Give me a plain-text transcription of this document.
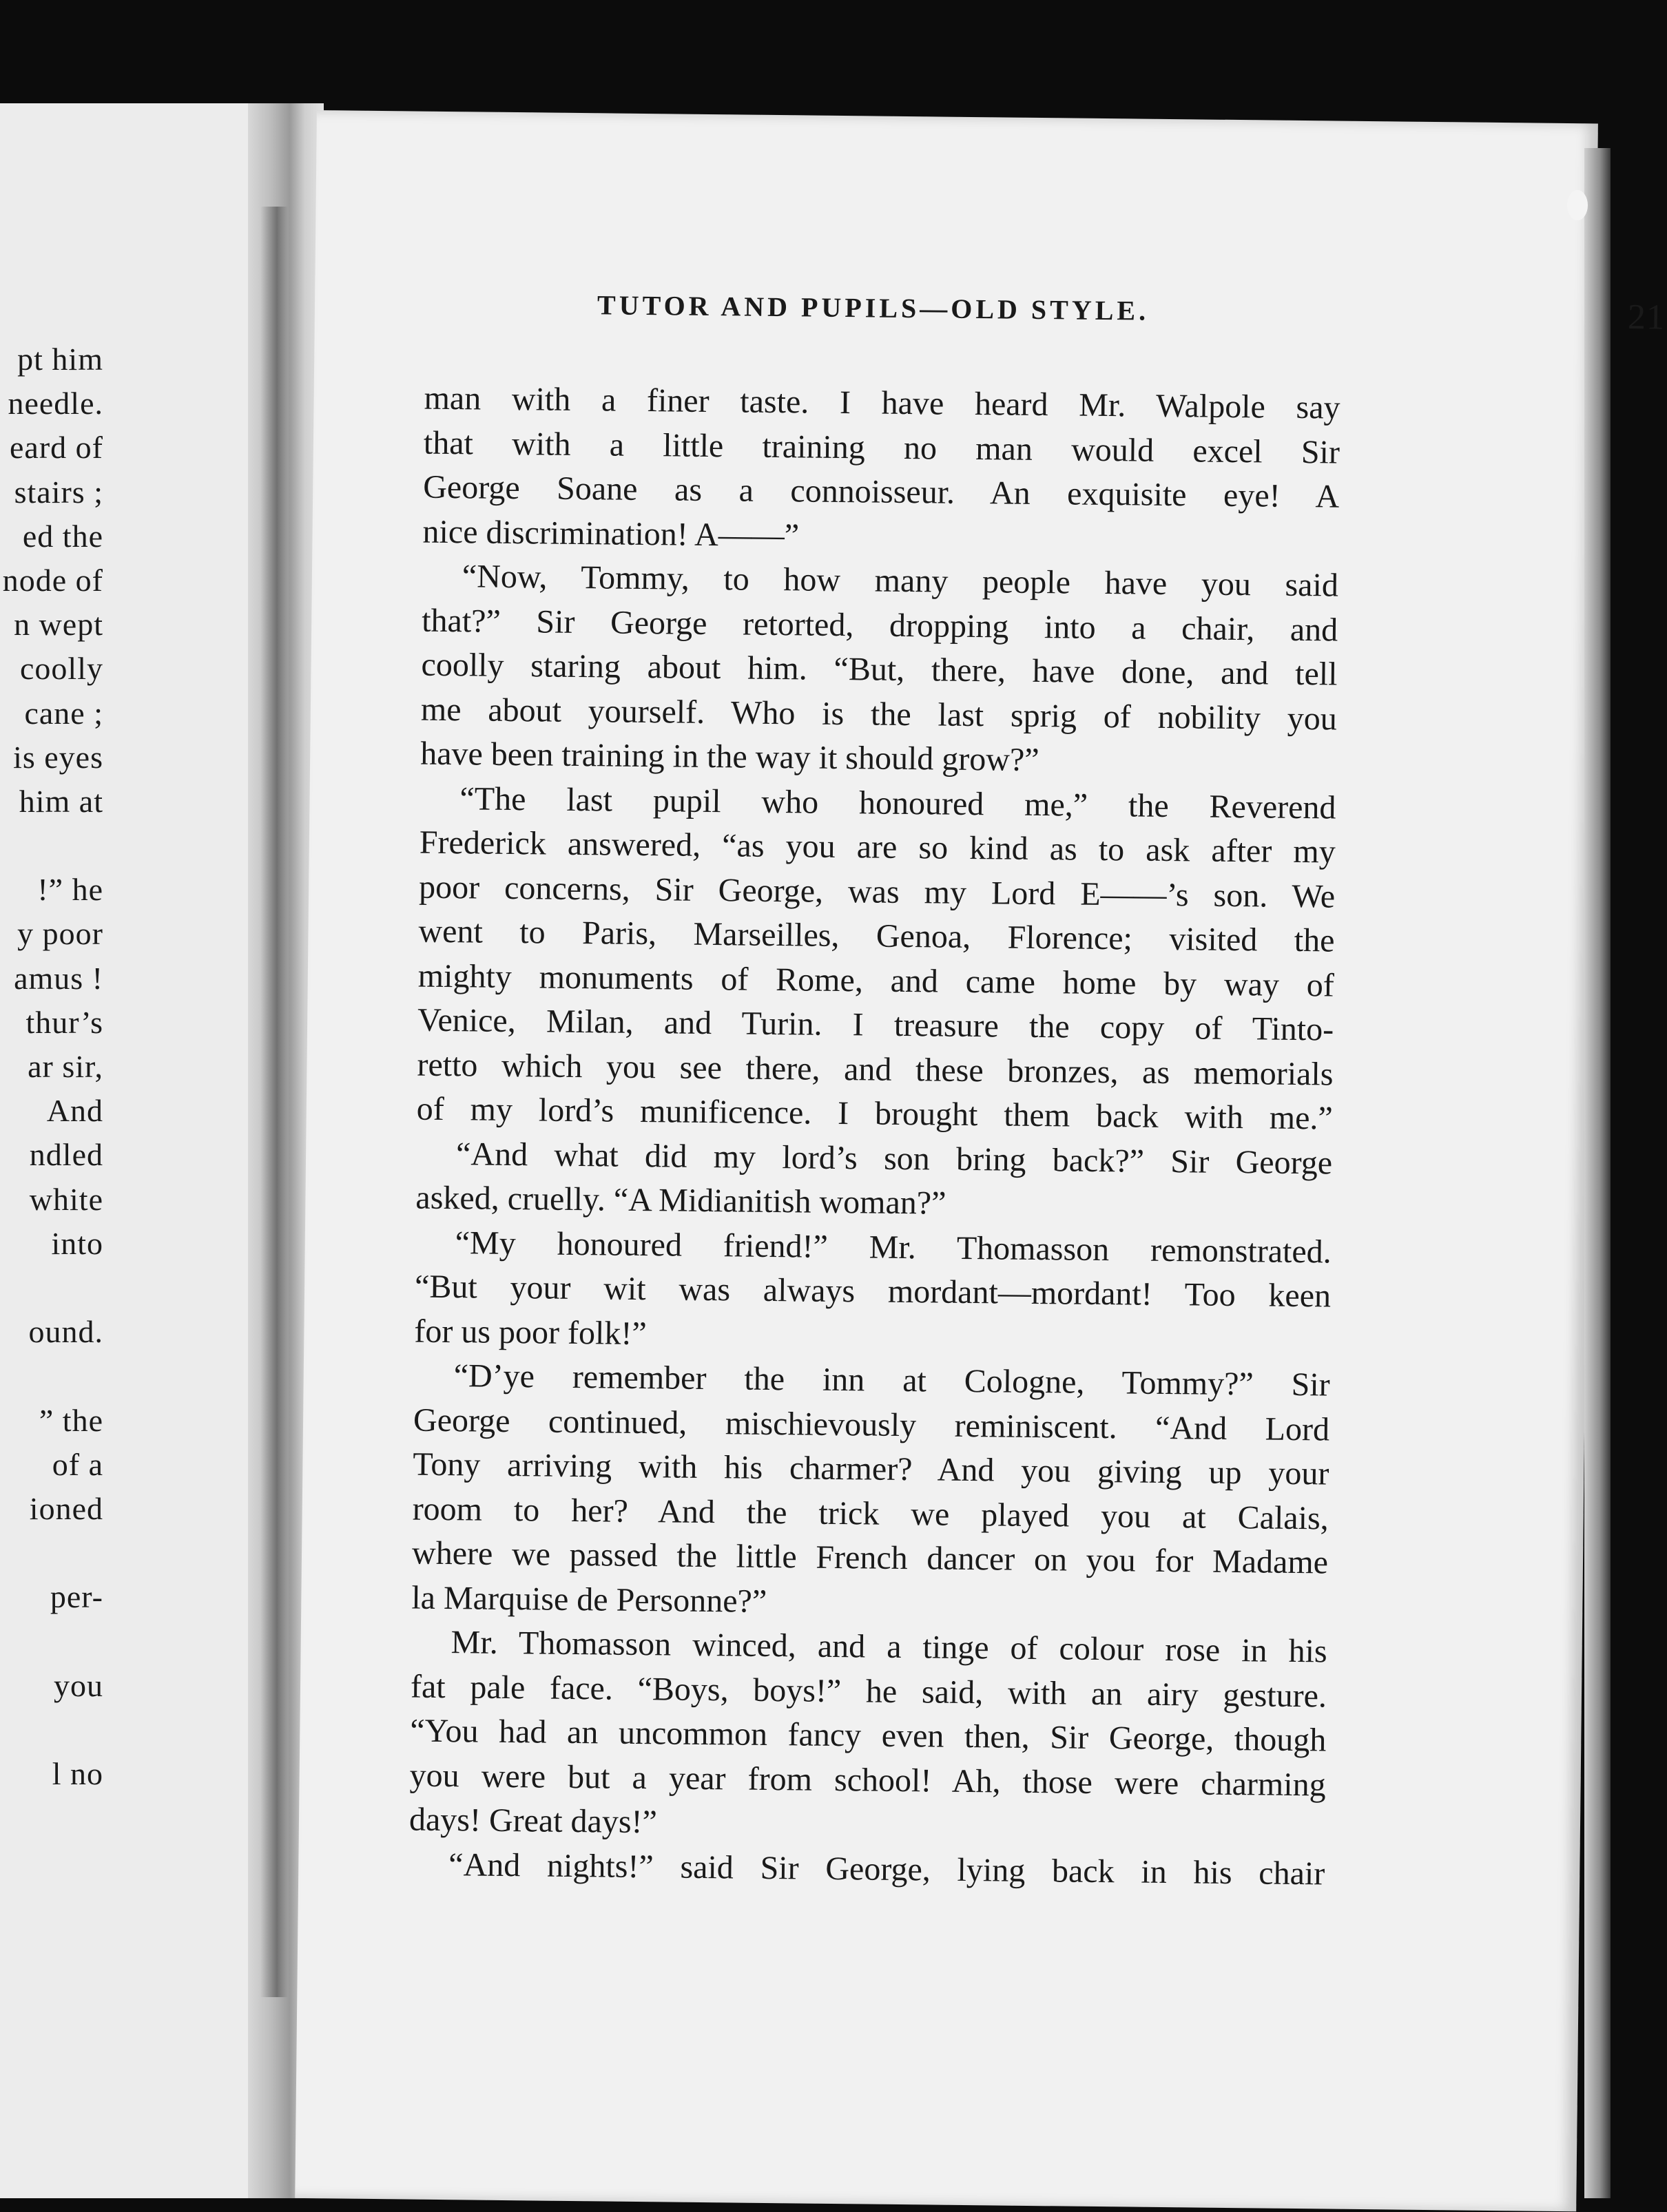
pt him
needle.
eard of
stairs ;
ed the
node of
n wept
coolly
cane ;
is eyes
him at
!” he
y poor
amus !
thur’s
ar sir,
And
ndled
white
into
ound.
” the
of a
ioned
per-
you
l no
TUTOR AND PUPILS—OLD STYLE.	21
man with a finer taste. I have heard Mr. Walpole say
that with a little training no man would excel Sir
George Soane as a connoisseur. An exquisite eye! A
nice discrimination! A——”
“Now, Tommy, to how many people have you said
that?” Sir George retorted, dropping into a chair, and
coolly staring about him. “But, there, have done, and tell
me about yourself. Who is the last sprig of nobility you
have been training in the way it should grow?”
“The last pupil who honoured me,” the Reverend
Frederick answered, “as you are so kind as to ask after my
poor concerns, Sir George, was my Lord E——’s son. We
went to Paris, Marseilles, Genoa, Florence; visited the
mighty monuments of Rome, and came home by way of
Venice, Milan, and Turin. I treasure the copy of Tinto-
retto which you see there, and these bronzes, as memorials
of my lord’s munificence. I brought them back with me.”
“And what did my lord’s son bring back?” Sir George
asked, cruelly. “A Midianitish woman?”
“My honoured friend!” Mr. Thomasson remonstrated.
“But your wit was always mordant—mordant! Too keen
for us poor folk!”
“D’ye remember the inn at Cologne, Tommy?” Sir
George continued, mischievously reminiscent. “And Lord
Tony arriving with his charmer? And you giving up your
room to her? And the trick we played you at Calais,
where we passed the little French dancer on you for Madame
la Marquise de Personne?”
Mr. Thomasson winced, and a tinge of colour rose in his
fat pale face. “Boys, boys!” he said, with an airy gesture.
“You had an uncommon fancy even then, Sir George, though
you were but a year from school! Ah, those were charming
days! Great days!”
“And nights!” said Sir George, lying back in his chair
